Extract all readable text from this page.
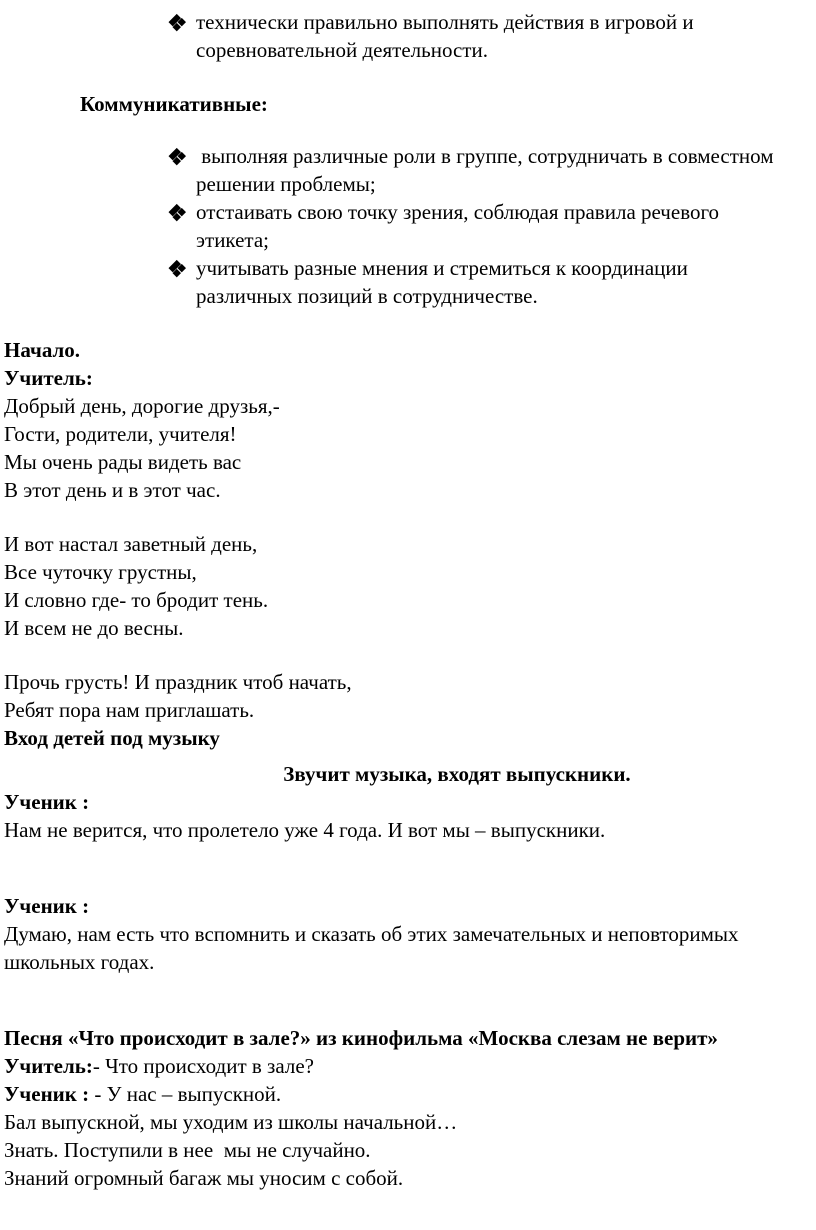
технически правильно выполнять действия в игровой и соревновательной деятельности.

Коммуникативные:

выполняя различные роли в группе, сотрудничать в совместном решении проблемы;

отстаивать свою точку зрения, соблюдая правила речевого этикета;

учитывать разные мнения и стремиться к координации различных позиций в сотрудничестве.

Начало.

Учитель:

Добрый день, дорогие друзья,-

Гости, родители, учителя!

Мы очень рады видеть вас

В этот день и в этот час.

И вот настал заветный день,

Все чуточку грустны,

И словно где- то бродит тень.

И всем не до весны.

Прочь грусть! И праздник чтоб начать,

Ребят пора нам приглашать.

Вход детей под музыку

Звучит музыка, входят выпускники.

Ученик :

Нам не верится, что пролетело уже 4 года. И вот мы – выпускники.

Ученик :

Думаю, нам есть что вспомнить и сказать об этих замечательных и неповторимых школьных годах.

Песня «Что происходит в зале?» из кинофильма «Москва слезам не верит»

Учитель:- Что происходит в зале?

Ученик : - У нас – выпускной.

Бал выпускной, мы уходим из школы начальной…

Знать. Поступили в нее  мы не случайно.

Знаний огромный багаж мы уносим с собой.
